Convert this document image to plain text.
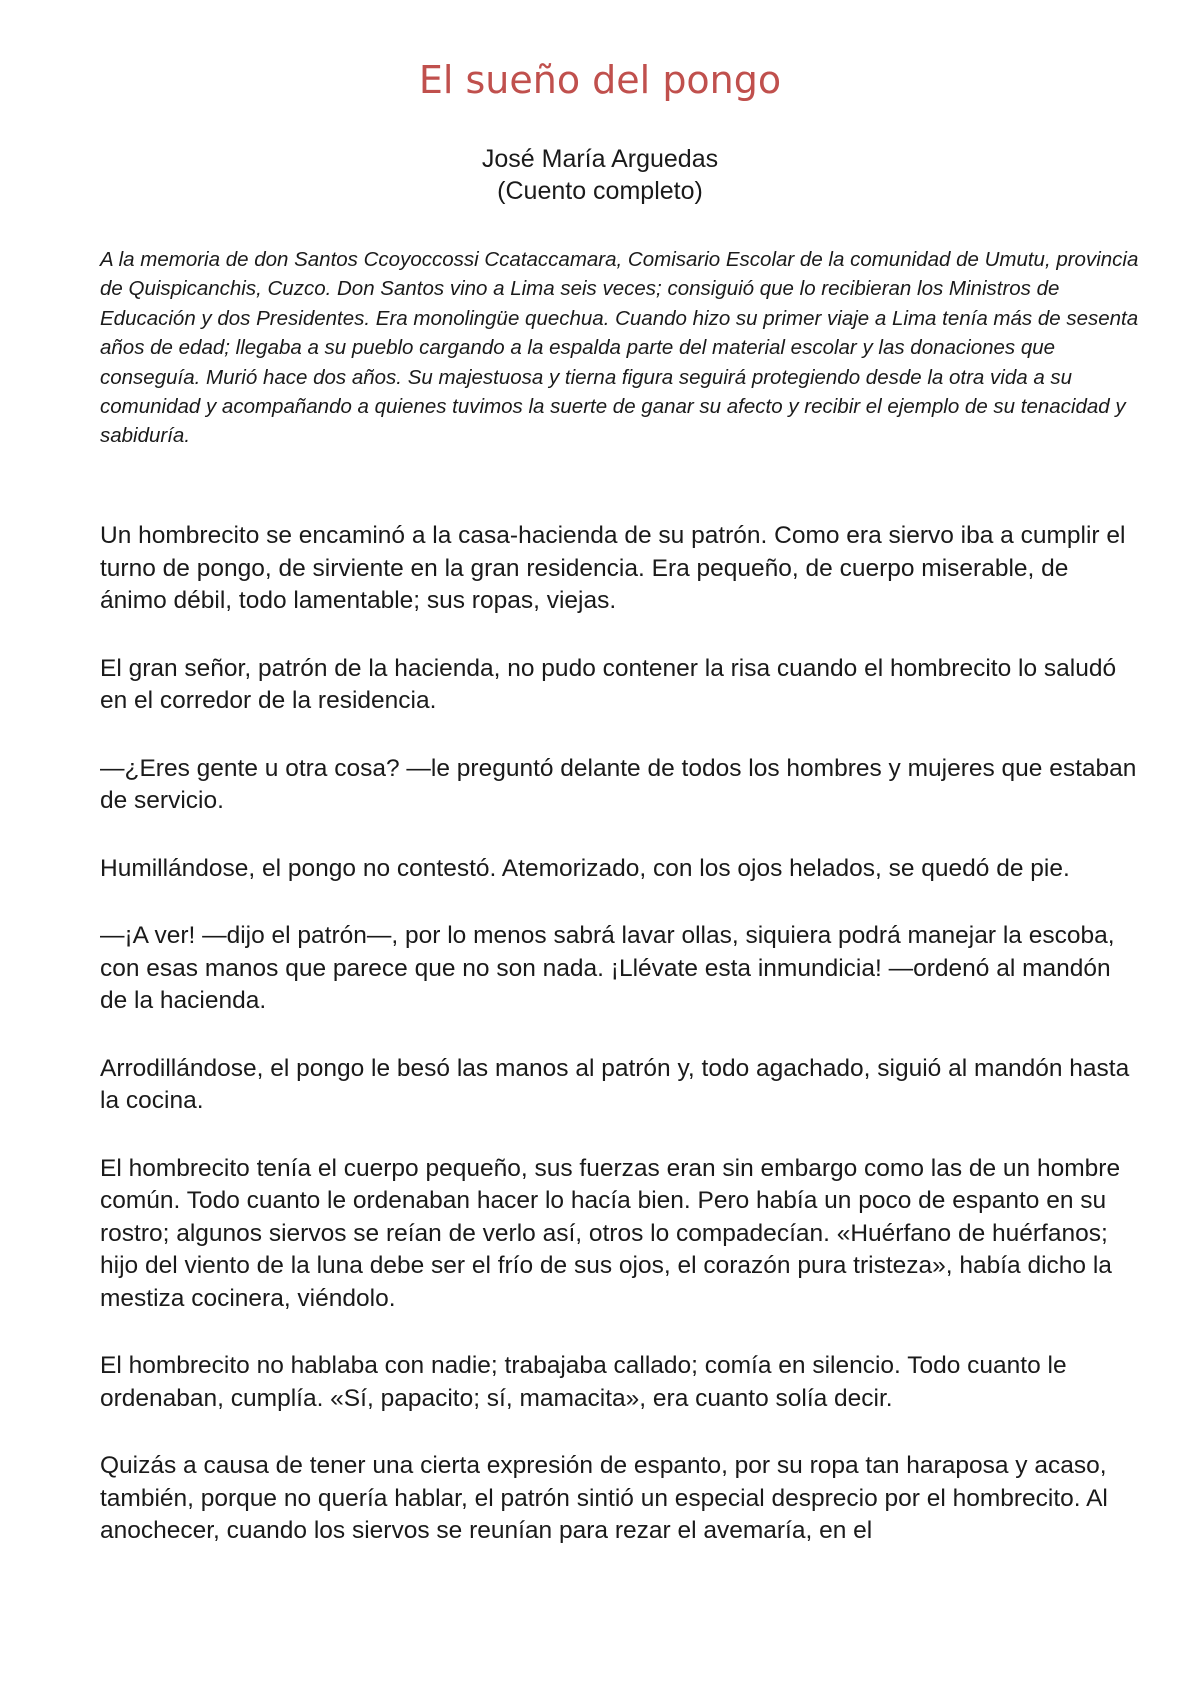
El sueño del pongo
José María Arguedas
(Cuento completo)

A la memoria de don Santos Ccoyoccossi Ccataccamara, Comisario Escolar de la comunidad de Umutu, provincia de Quispicanchis, Cuzco. Don Santos vino a Lima seis veces; consiguió que lo recibieran los Ministros de Educación y dos Presidentes. Era monolingüe quechua. Cuando hizo su primer viaje a Lima tenía más de sesenta años de edad; llegaba a su pueblo cargando a la espalda parte del material escolar y las donaciones que conseguía. Murió hace dos años. Su majestuosa y tierna figura seguirá protegiendo desde la otra vida a su comunidad y acompañando a quienes tuvimos la suerte de ganar su afecto y recibir el ejemplo de su tenacidad y sabiduría.

Un hombrecito se encaminó a la casa-hacienda de su patrón. Como era siervo iba a cumplir el turno de pongo, de sirviente en la gran residencia. Era pequeño, de cuerpo miserable, de ánimo débil, todo lamentable; sus ropas, viejas.

El gran señor, patrón de la hacienda, no pudo contener la risa cuando el hombrecito lo saludó en el corredor de la residencia.

—¿Eres gente u otra cosa? —le preguntó delante de todos los hombres y mujeres que estaban de servicio.

Humillándose, el pongo no contestó. Atemorizado, con los ojos helados, se quedó de pie.

—¡A ver! —dijo el patrón—, por lo menos sabrá lavar ollas, siquiera podrá manejar la escoba, con esas manos que parece que no son nada. ¡Llévate esta inmundicia! —ordenó al mandón de la hacienda.

Arrodillándose, el pongo le besó las manos al patrón y, todo agachado, siguió al mandón hasta la cocina.

El hombrecito tenía el cuerpo pequeño, sus fuerzas eran sin embargo como las de un hombre común. Todo cuanto le ordenaban hacer lo hacía bien. Pero había un poco de espanto en su rostro; algunos siervos se reían de verlo así, otros lo compadecían. «Huérfano de huérfanos; hijo del viento de la luna debe ser el frío de sus ojos, el corazón pura tristeza», había dicho la mestiza cocinera, viéndolo.

El hombrecito no hablaba con nadie; trabajaba callado; comía en silencio. Todo cuanto le ordenaban, cumplía. «Sí, papacito; sí, mamacita», era cuanto solía decir.

Quizás a causa de tener una cierta expresión de espanto, por su ropa tan haraposa y acaso, también, porque no quería hablar, el patrón sintió un especial desprecio por el hombrecito. Al anochecer, cuando los siervos se reunían para rezar el avemaría, en el
